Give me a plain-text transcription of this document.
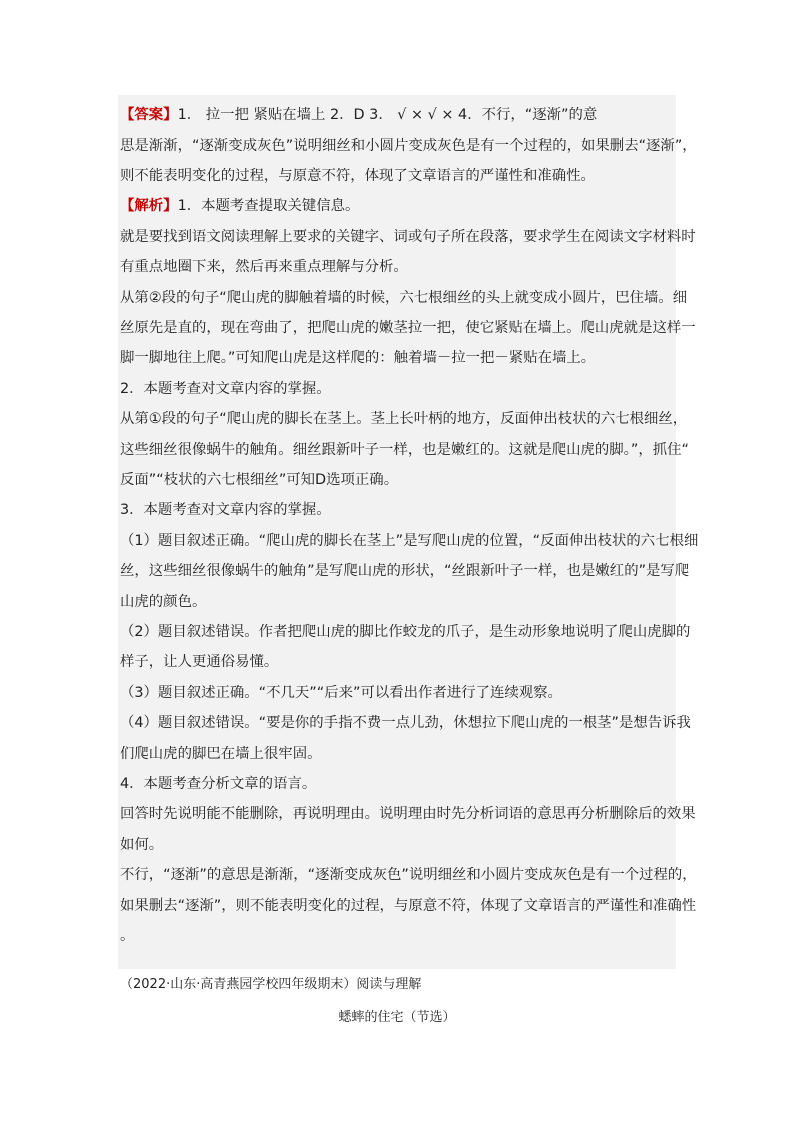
【答案】1． 拉一把 紧贴在墙上 2．D 3． √ × √ × 4．不行，“逐渐”的意
思是渐渐，“逐渐变成灰色”说明细丝和小圆片变成灰色是有一个过程的，如果删去“逐渐”，
则不能表明变化的过程，与原意不符，体现了文章语言的严谨性和准确性。
【解析】1．本题考查提取关键信息。
就是要找到语文阅读理解上要求的关键字、词或句子所在段落，要求学生在阅读文字材料时
有重点地圈下来，然后再来重点理解与分析。
从第②段的句子“爬山虎的脚触着墙的时候，六七根细丝的头上就变成小圆片，巴住墙。细
丝原先是直的，现在弯曲了，把爬山虎的嫩茎拉一把，使它紧贴在墙上。爬山虎就是这样一
脚一脚地往上爬。”可知爬山虎是这样爬的：触着墙－拉一把－紧贴在墙上。
2．本题考查对文章内容的掌握。
从第①段的句子“爬山虎的脚长在茎上。茎上长叶柄的地方，反面伸出枝状的六七根细丝，
这些细丝很像蜗牛的触角。细丝跟新叶子一样，也是嫩红的。这就是爬山虎的脚。”，抓住“
反面”“枝状的六七根细丝”可知D选项正确。
3．本题考查对文章内容的掌握。
（1）题目叙述正确。“爬山虎的脚长在茎上”是写爬山虎的位置，“反面伸出枝状的六七根细
丝，这些细丝很像蜗牛的触角”是写爬山虎的形状，“丝跟新叶子一样，也是嫩红的”是写爬
山虎的颜色。
（2）题目叙述错误。作者把爬山虎的脚比作蛟龙的爪子，是生动形象地说明了爬山虎脚的
样子，让人更通俗易懂。
（3）题目叙述正确。“不几天”“后来”可以看出作者进行了连续观察。
（4）题目叙述错误。“要是你的手指不费一点儿劲，休想拉下爬山虎的一根茎”是想告诉我
们爬山虎的脚巴在墙上很牢固。
4．本题考查分析文章的语言。
回答时先说明能不能删除，再说明理由。说明理由时先分析词语的意思再分析删除后的效果
如何。
不行，“逐渐”的意思是渐渐，“逐渐变成灰色”说明细丝和小圆片变成灰色是有一个过程的，
如果删去“逐渐”，则不能表明变化的过程，与原意不符，体现了文章语言的严谨性和准确性
。
（2022·山东·高青燕园学校四年级期末）阅读与理解
蟋蟀的住宅（节选）
